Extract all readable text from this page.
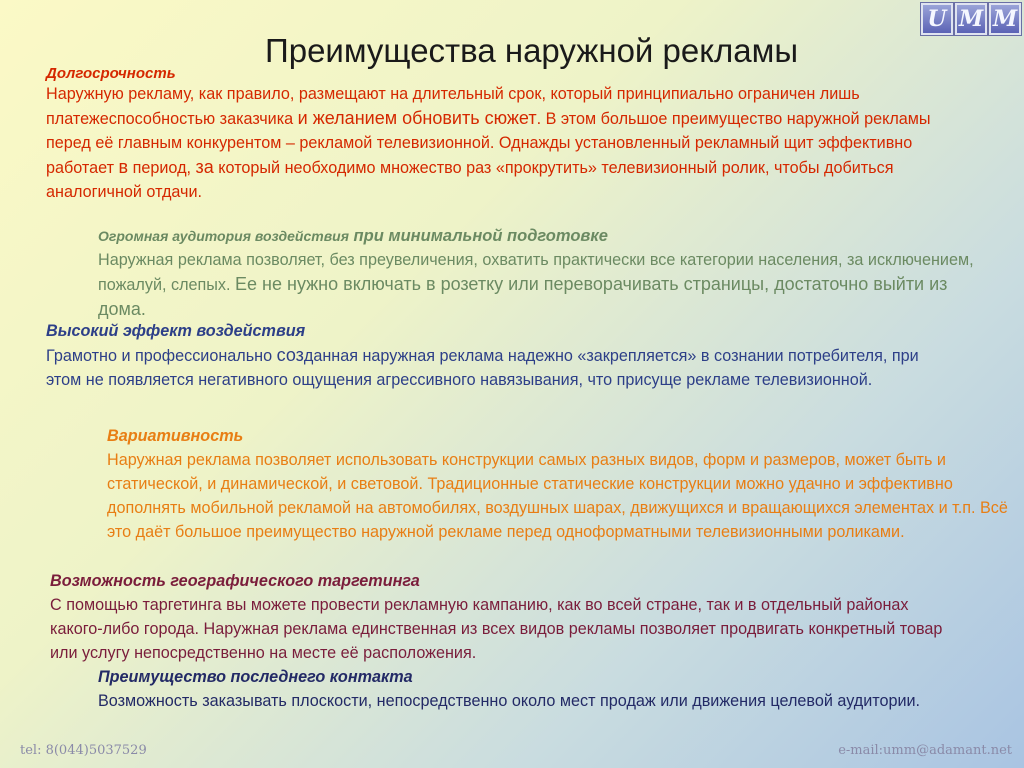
U M M
Преимущества наружной рекламы
Долгосрочность

Наружную рекламу, как правило, размещают на длительный срок, который принципиально ограничен лишь платежеспособностью заказчика и желанием обновить сюжет. В этом большое преимущество наружной рекламы перед её главным конкурентом – рекламой телевизионной. Однажды установленный рекламный щит эффективно работает в период, за который необходимо множество раз «прокрутить» телевизионный ролик, чтобы добиться аналогичной отдачи.

Огромная аудитория воздействия при минимальной подготовке

Наружная реклама позволяет, без преувеличения, охватить практически все категории населения, за исключением, пожалуй, слепых. Ее не нужно включать в розетку или переворачивать страницы, достаточно выйти из дома.

Высокий эффект воздействия

Грамотно и профессионально созданная наружная реклама надежно «закрепляется» в сознании потребителя, при этом не появляется негативного ощущения агрессивного навязывания, что присуще рекламе телевизионной.

Вариативность

Наружная реклама позволяет использовать конструкции самых разных видов, форм и размеров, может быть и статической, и динамической, и световой. Традиционные статические конструкции можно удачно и эффективно дополнять мобильной рекламой на автомобилях, воздушных шарах, движущихся и вращающихся элементах и т.п. Всё это даёт большое преимущество наружной рекламе перед одноформатными телевизионными роликами.

Возможность географического таргетинга

С помощью таргетинга вы можете провести рекламную кампанию, как во всей стране, так и в отдельный районах какого-либо города. Наружная реклама единственная из всех видов рекламы позволяет продвигать конкретный товар или услугу непосредственно на месте её расположения.

Преимущество последнего контакта

Возможность заказывать плоскости, непосредственно около мест продаж или движения целевой аудитории.

tel: 8(044)5037529	e-mail:umm@adamant.net
